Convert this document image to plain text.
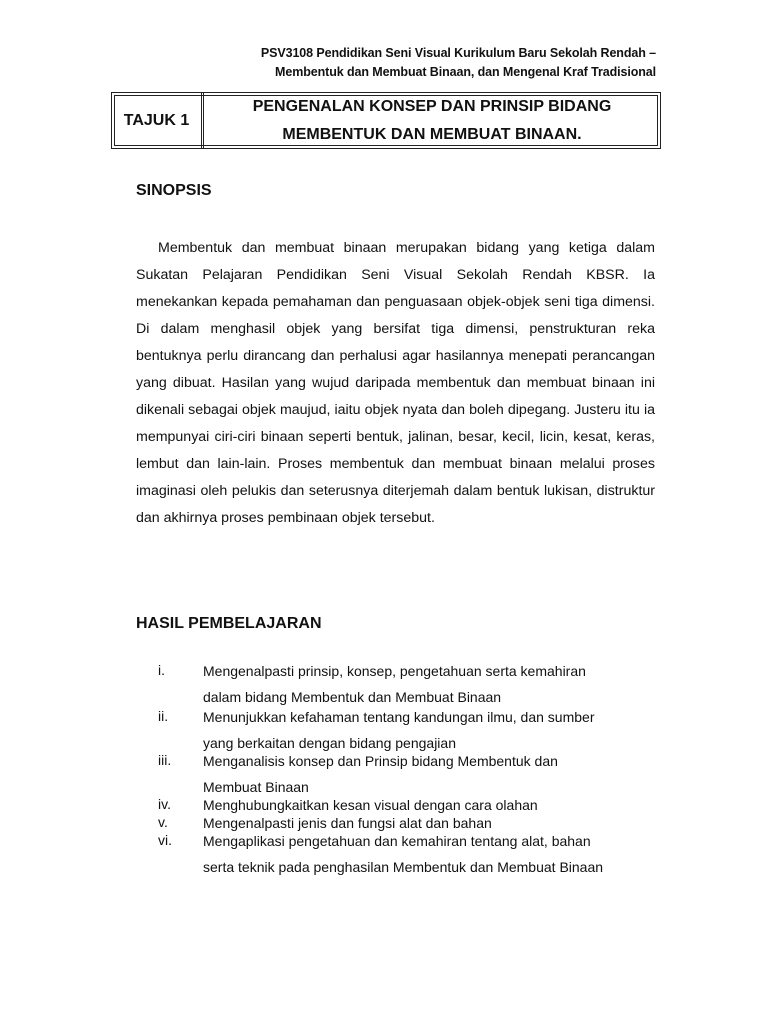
PSV3108 Pendidikan Seni Visual Kurikulum Baru Sekolah Rendah –
Membentuk dan Membuat Binaan, dan Mengenal Kraf Tradisional
TAJUK 1
PENGENALAN KONSEP DAN PRINSIP BIDANG
MEMBENTUK DAN MEMBUAT BINAAN.
SINOPSIS

Membentuk dan membuat binaan merupakan bidang yang ketiga dalam Sukatan Pelajaran Pendidikan Seni Visual Sekolah Rendah KBSR. Ia menekankan kepada pemahaman dan penguasaan objek-objek seni tiga dimensi. Di dalam menghasil objek yang bersifat tiga dimensi, penstrukturan reka bentuknya perlu dirancang dan perhalusi agar hasilannya menepati perancangan yang dibuat. Hasilan yang wujud daripada membentuk dan membuat binaan ini dikenali sebagai objek maujud, iaitu objek nyata dan boleh dipegang. Justeru itu ia mempunyai ciri-ciri binaan seperti bentuk, jalinan, besar, kecil, licin, kesat, keras, lembut dan lain-lain. Proses membentuk dan membuat binaan melalui proses imaginasi oleh pelukis dan seterusnya diterjemah dalam bentuk lukisan, distruktur dan akhirnya proses pembinaan objek tersebut.

HASIL PEMBELAJARAN
i.	Mengenalpasti prinsip, konsep, pengetahuan serta kemahiran
dalam bidang Membentuk dan Membuat Binaan
ii.	Menunjukkan kefahaman tentang kandungan ilmu, dan sumber
yang berkaitan dengan bidang pengajian
iii.	Menganalisis konsep dan Prinsip bidang Membentuk dan
Membuat Binaan
iv.	Menghubungkaitkan kesan visual dengan cara olahan
v.	Mengenalpasti jenis dan fungsi alat dan bahan
vi.	Mengaplikasi pengetahuan dan kemahiran tentang alat, bahan
serta teknik pada penghasilan Membentuk dan Membuat Binaan
